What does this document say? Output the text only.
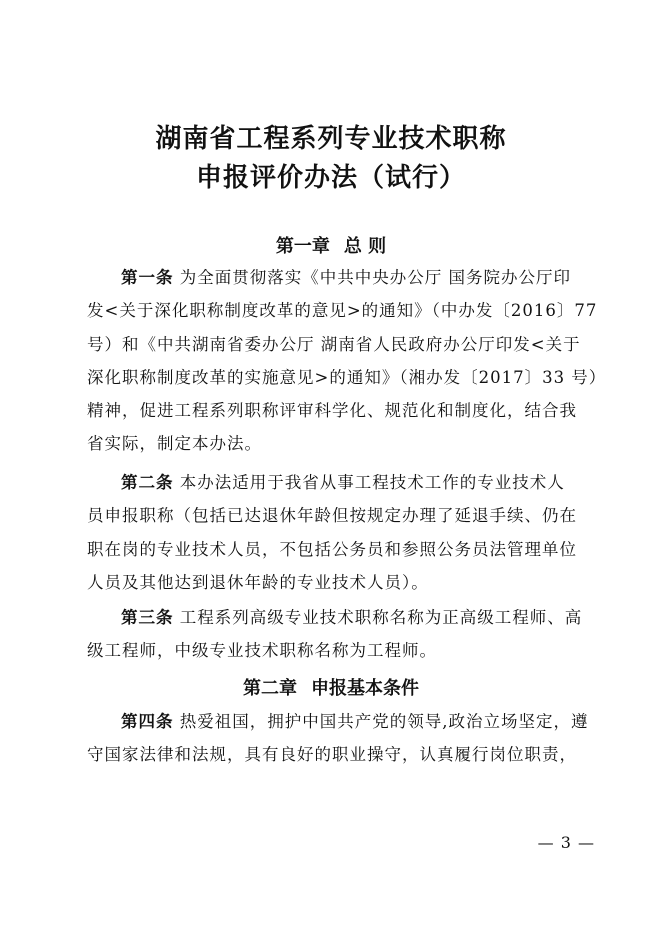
湖南省工程系列专业技术职称
申报评价办法（试行）
第一章 总 则
第一条 为全面贯彻落实《中共中央办公厅 国务院办公厅印
发<关于深化职称制度改革的意见>的通知》（中办发〔2016〕77
号）和《中共湖南省委办公厅 湖南省人民政府办公厅印发<关于
深化职称制度改革的实施意见>的通知》（湘办发〔2017〕33 号）
精神，促进工程系列职称评审科学化、规范化和制度化，结合我
省实际，制定本办法。
第二条 本办法适用于我省从事工程技术工作的专业技术人
员申报职称（包括已达退休年龄但按规定办理了延退手续、仍在
职在岗的专业技术人员，不包括公务员和参照公务员法管理单位
人员及其他达到退休年龄的专业技术人员）。
第三条 工程系列高级专业技术职称名称为正高级工程师、高
级工程师，中级专业技术职称名称为工程师。
第二章 申报基本条件
第四条 热爱祖国，拥护中国共产党的领导,政治立场坚定，遵
守国家法律和法规，具有良好的职业操守，认真履行岗位职责，
— 3 —
